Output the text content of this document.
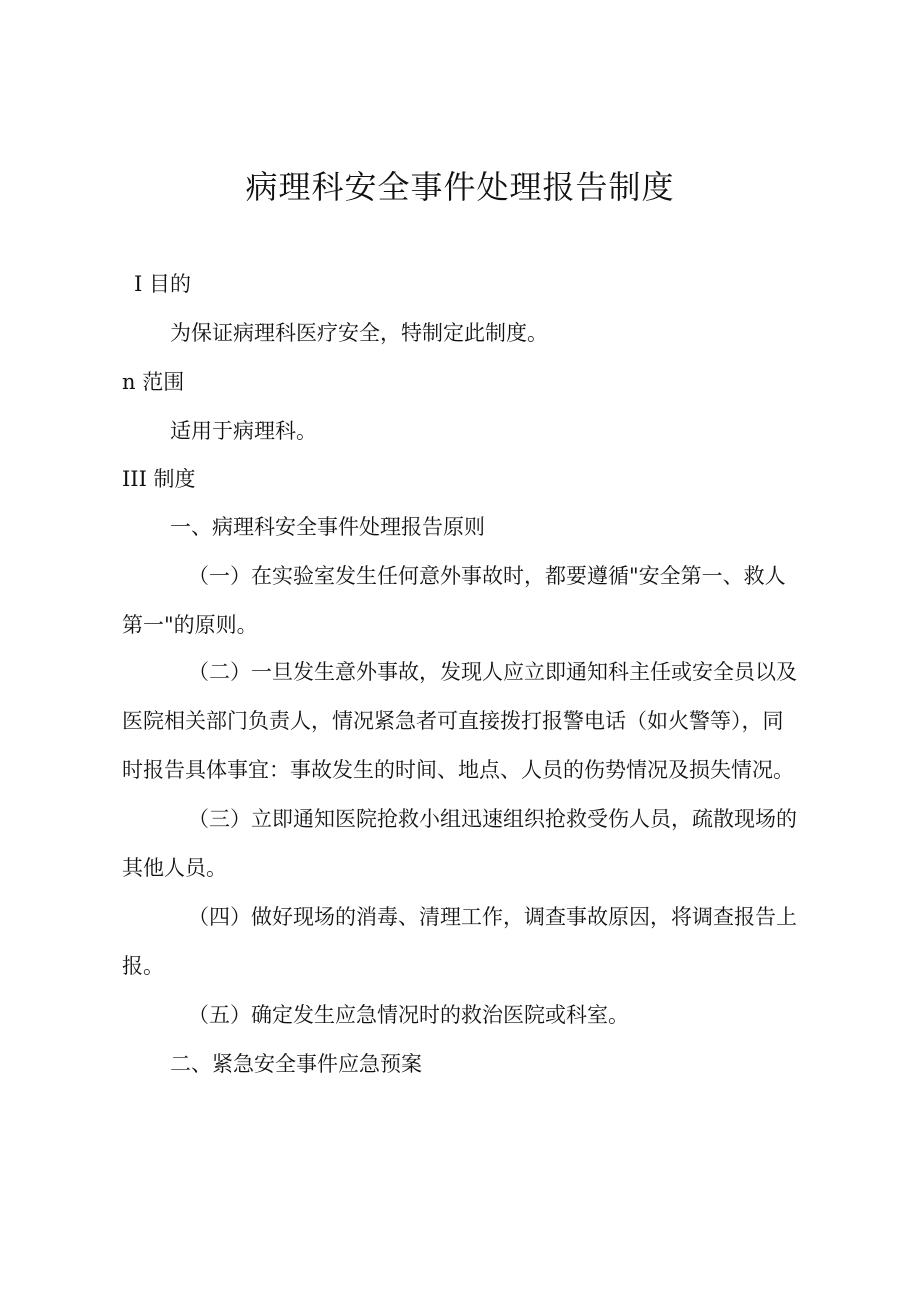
病理科安全事件处理报告制度
I 目的
为保证病理科医疗安全，特制定此制度。
n 范围
适用于病理科。
III 制度
一、病理科安全事件处理报告原则
（一）在实验室发生任何意外事故时，都要遵循"安全第一、救人
第一"的原则。
（二）一旦发生意外事故，发现人应立即通知科主任或安全员以及
医院相关部门负责人，情况紧急者可直接拨打报警电话（如火警等），同
时报告具体事宜：事故发生的时间、地点、人员的伤势情况及损失情况。
（三）立即通知医院抢救小组迅速组织抢救受伤人员，疏散现场的
其他人员。
（四）做好现场的消毒、清理工作，调查事故原因，将调查报告上
报。
（五）确定发生应急情况时的救治医院或科室。
二、紧急安全事件应急预案
